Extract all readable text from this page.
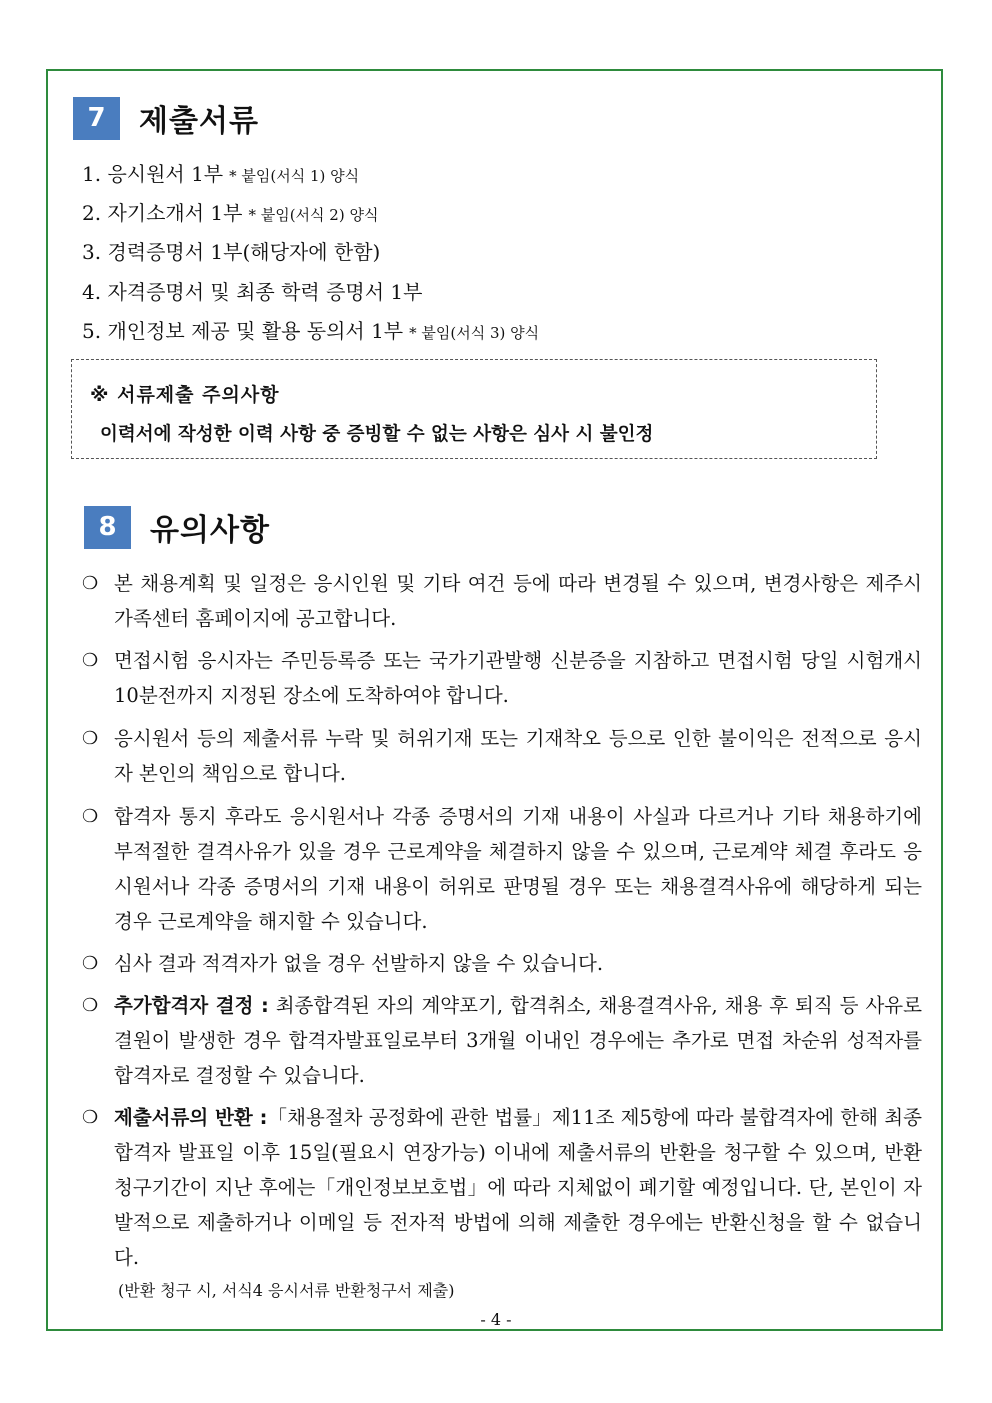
7	제출서류
1. 응시원서 1부 * 붙임(서식 1) 양식
2. 자기소개서 1부 * 붙임(서식 2) 양식
3. 경력증명서 1부(해당자에 한함)
4. 자격증명서 및 최종 학력 증명서 1부
5. 개인정보 제공 및 활용 동의서 1부 * 붙임(서식 3) 양식
※ 서류제출 주의사항
이력서에 작성한 이력 사항 중 증빙할 수 없는 사항은 심사 시 불인정
8	유의사항
❍ 본 채용계획 및 일정은 응시인원 및 기타 여건 등에 따라 변경될 수 있으며, 변경사항은 제주시가족센터 홈페이지에 공고합니다.
❍ 면접시험 응시자는 주민등록증 또는 국가기관발행 신분증을 지참하고 면접시험 당일 시험개시 10분전까지 지정된 장소에 도착하여야 합니다.
❍ 응시원서 등의 제출서류 누락 및 허위기재 또는 기재착오 등으로 인한 불이익은 전적으로 응시자 본인의 책임으로 합니다.
❍ 합격자 통지 후라도 응시원서나 각종 증명서의 기재 내용이 사실과 다르거나 기타 채용하기에 부적절한 결격사유가 있을 경우 근로계약을 체결하지 않을 수 있으며, 근로계약 체결 후라도 응시원서나 각종 증명서의 기재 내용이 허위로 판명될 경우 또는 채용결격사유에 해당하게 되는 경우 근로계약을 해지할 수 있습니다.
❍ 심사 결과 적격자가 없을 경우 선발하지 않을 수 있습니다.
❍ 추가합격자 결정 : 최종합격된 자의 계약포기, 합격취소, 채용결격사유, 채용 후 퇴직 등 사유로 결원이 발생한 경우 합격자발표일로부터 3개월 이내인 경우에는 추가로 면접 차순위 성적자를 합격자로 결정할 수 있습니다.
❍ 제출서류의 반환 :「채용절차 공정화에 관한 법률」제11조 제5항에 따라 불합격자에 한해 최종합격자 발표일 이후 15일(필요시 연장가능) 이내에 제출서류의 반환을 청구할 수 있으며, 반환청구기간이 지난 후에는「개인정보보호법」에 따라 지체없이 폐기할 예정입니다. 단, 본인이 자발적으로 제출하거나 이메일 등 전자적 방법에 의해 제출한 경우에는 반환신청을 할 수 없습니다.
(반환 청구 시, 서식4 응시서류 반환청구서 제출)
- 4 -
